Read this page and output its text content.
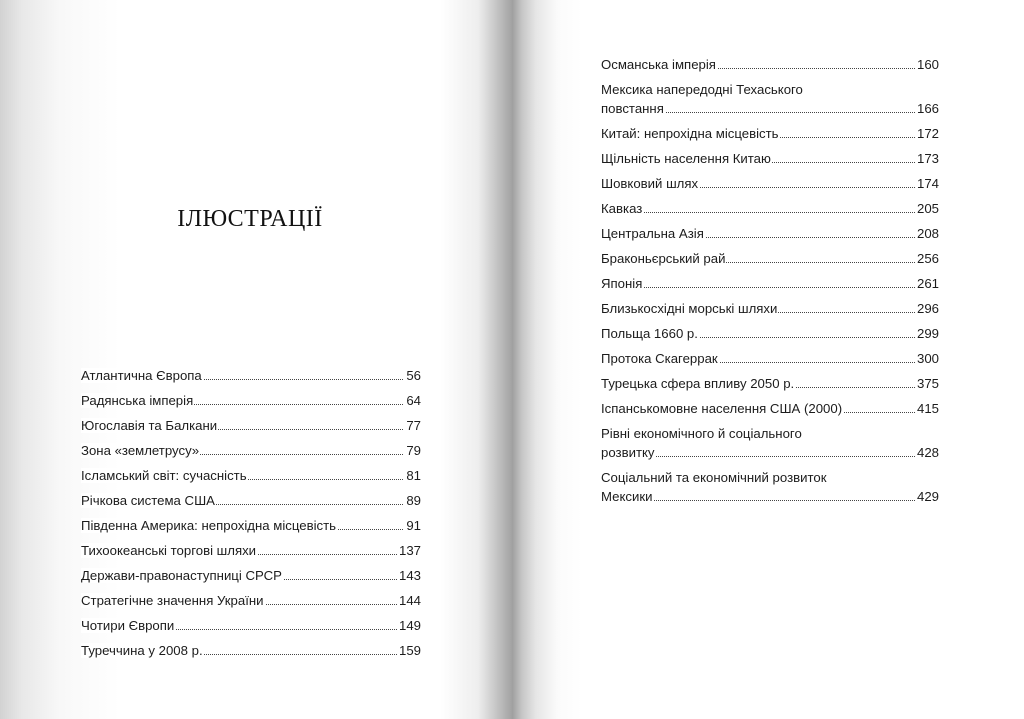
ІЛЮСТРАЦІЇ
Атлантична Європа	56
Радянська імперія	64
Югославія та Балкани	77
Зона «землетрусу»	79
Ісламський світ: сучасність	81
Річкова система США	89
Південна Америка: непрохідна місцевість	91
Тихоокеанські торгові шляхи	137
Держави-правонаступниці СРСР	143
Стратегічне значення України	144
Чотири Європи	149
Туреччина у 2008 р.	159
Османська імперія	160
Мексика напередодні Техаського
повстання	166
Китай: непрохідна місцевість	172
Щільність населення Китаю	173
Шовковий шлях	174
Кавказ	205
Центральна Азія	208
Браконьєрський рай	256
Японія	261
Близькосхідні морські шляхи	296
Польща 1660 р.	299
Протока Скагеррак	300
Турецька сфера впливу 2050 р.	375
Іспанськомовне населення США (2000)	415
Рівні економічного й соціального
розвитку	428
Соціальний та економічний розвиток
Мексики	429
